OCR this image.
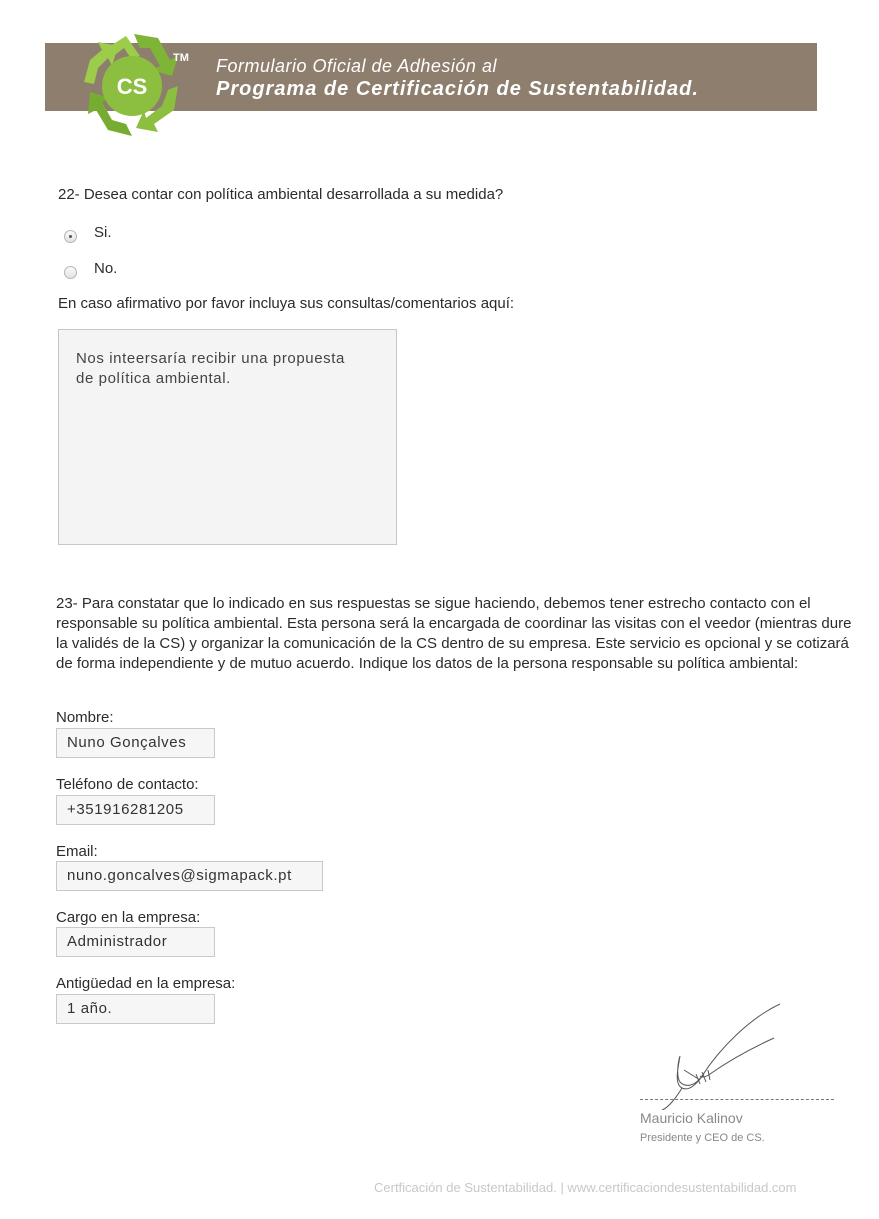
Formulario Oficial de Adhesión al
Programa de Certificación de Sustentabilidad.
CS
TM
22- Desea contar con política ambiental desarrollada a su medida?
Si.
No.
En caso afirmativo por favor incluya sus consultas/comentarios aquí:
Nos inteersaría recibir una propuesta
de política ambiental.
23- Para constatar que lo indicado en sus respuestas se sigue haciendo, debemos tener estrecho contacto con el responsable su política ambiental. Esta persona será la encargada de coordinar las visitas con el veedor (mientras dure la validés de la CS) y organizar la comunicación de la CS dentro de su empresa. Este servicio es opcional y se cotizará de forma independiente y de mutuo acuerdo. Indique los datos de la persona responsable su política ambiental:
Nombre:
Nuno Gonçalves
Teléfono de contacto:
+351916281205
Email:
nuno.goncalves@sigmapack.pt
Cargo en la empresa:
Administrador
Antigüedad en la empresa:
1 año.
Mauricio Kalinov
Presidente y CEO de CS.
Certficación de Sustentabilidad. | www.certificaciondesustentabilidad.com
